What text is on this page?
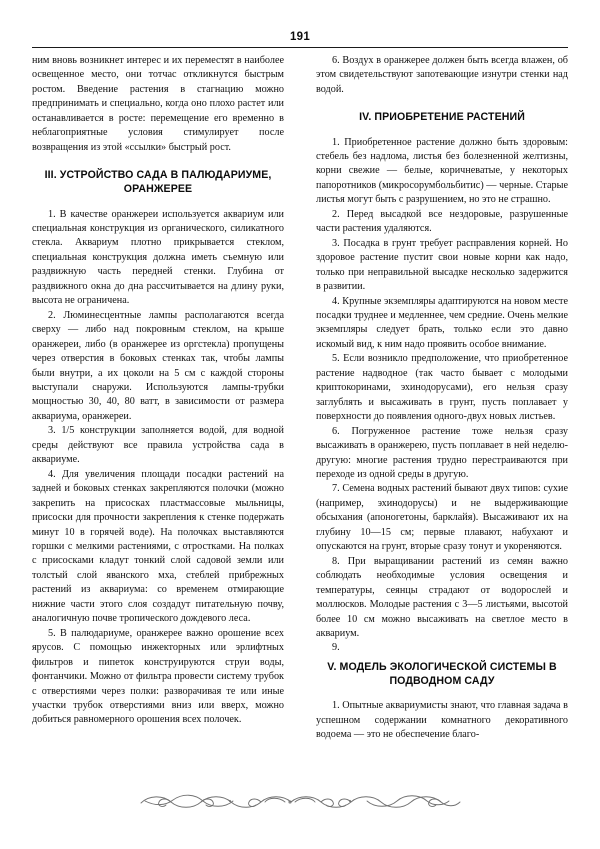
191

ним вновь возникнет интерес и их переместят в наиболее освещенное место, они тотчас откликнутся быстрым ростом. Введение растения в стагнацию можно предпринимать и специально, когда оно плохо растет или останавливается в росте: перемещение его временно в неблагоприятные условия стимулирует после возвращения из этой «ссылки» быстрый рост.

III. УСТРОЙСТВО САДА В ПАЛЮДАРИУМЕ, ОРАНЖЕРЕЕ

1. В качестве оранжереи используется аквариум или специальная конструкция из органического, силикатного стекла. Аквариум плотно прикрывается стеклом, специальная конструкция должна иметь съемную или раздвижную часть передней стенки. Глубина от раздвижного окна до дна рассчитывается на длину руки, высота не ограничена.

2. Люминесцентные лампы располагаются всегда сверху — либо над покровным стеклом, на крыше оранжереи, либо (в оранжерее из оргстекла) пропущены через отверстия в боковых стенках так, чтобы лампы были внутри, а их цоколи на 5 см с каждой стороны выступали снаружи. Используются лампы-трубки мощностью 30, 40, 80 ватт, в зависимости от размера аквариума, оранжереи.

3. 1/5 конструкции заполняется водой, для водной среды действуют все правила устройства сада в аквариуме.

4. Для увеличения площади посадки растений на задней и боковых стенках закрепляются полочки (можно закрепить на присосках пластмассовые мыльницы, присоски для прочности закрепления к стенке подержать минут 10 в горячей воде). На полочках выставляются горшки с мелкими растениями, с отростками. На полках с присосками кладут тонкий слой садовой земли или толстый слой яванского мха, стеблей прибрежных растений из аквариума: со временем отмирающие нижние части этого слоя создадут питательную почву, аналогичную почве тропического дождевого леса.

5. В палюдариуме, оранжерее важно орошение всех ярусов. С помощью инжекторных или эрлифтных фильтров и пипеток конструируются струи воды, фонтанчики. Можно от фильтра провести систему трубок с отверстиями через полки: разворачивая те или иные участки трубок отверстиями вниз или вверх, можно добиться равномерного орошения всех полочек.

6. Воздух в оранжерее должен быть всегда влажен, об этом свидетельствуют запотевающие изнутри стенки над водой.

IV. ПРИОБРЕТЕНИЕ РАСТЕНИЙ

1. Приобретенное растение должно быть здоровым: стебель без надлома, листья без болезненной желтизны, корни свежие — белые, коричневатые, у некоторых папоротников (микросорумбольбитис) — черные. Старые листья могут быть с разрушением, но это не страшно.

2. Перед высадкой все нездоровые, разрушенные части растения удаляются.

3. Посадка в грунт требует расправления корней. Но здоровое растение пустит свои новые корни как надо, только при неправильной высадке несколько задержится в развитии.

4. Крупные экземпляры адаптируются на новом месте посадки труднее и медленнее, чем средние. Очень мелкие экземпляры следует брать, только если это давно искомый вид, к ним надо проявить особое внимание.

5. Если возникло предположение, что приобретенное растение надводное (так часто бывает с молодыми криптокоринами, эхинодорусами), его нельзя сразу заглублять и высаживать в грунт, пусть поплавает у поверхности до появления одного-двух новых листьев.

6. Погруженное растение тоже нельзя сразу высаживать в оранжерею, пусть поплавает в ней неделю-другую: многие растения трудно перестраиваются при переходе из одной среды в другую.

7. Семена водных растений бывают двух типов: сухие (например, эхинодорусы) и не выдерживающие обсыхания (апоногетоны, барклайя). Высаживают их на глубину 10—15 см; первые плавают, набухают и опускаются на грунт, вторые сразу тонут и укореняются.

8. При выращивании растений из семян важно соблюдать необходимые условия освещения и температуры, сеянцы страдают от водорослей и моллюсков. Молодые растения с 3—5 листьями, высотой более 10 см можно высаживать на светлое место в аквариум.

9.

V. МОДЕЛЬ ЭКОЛОГИЧЕСКОЙ СИСТЕМЫ В ПОДВОДНОМ САДУ

1. Опытные аквариумисты знают, что главная задача в успешном содержании комнатного декоративного водоема — это не обеспечение благо-
